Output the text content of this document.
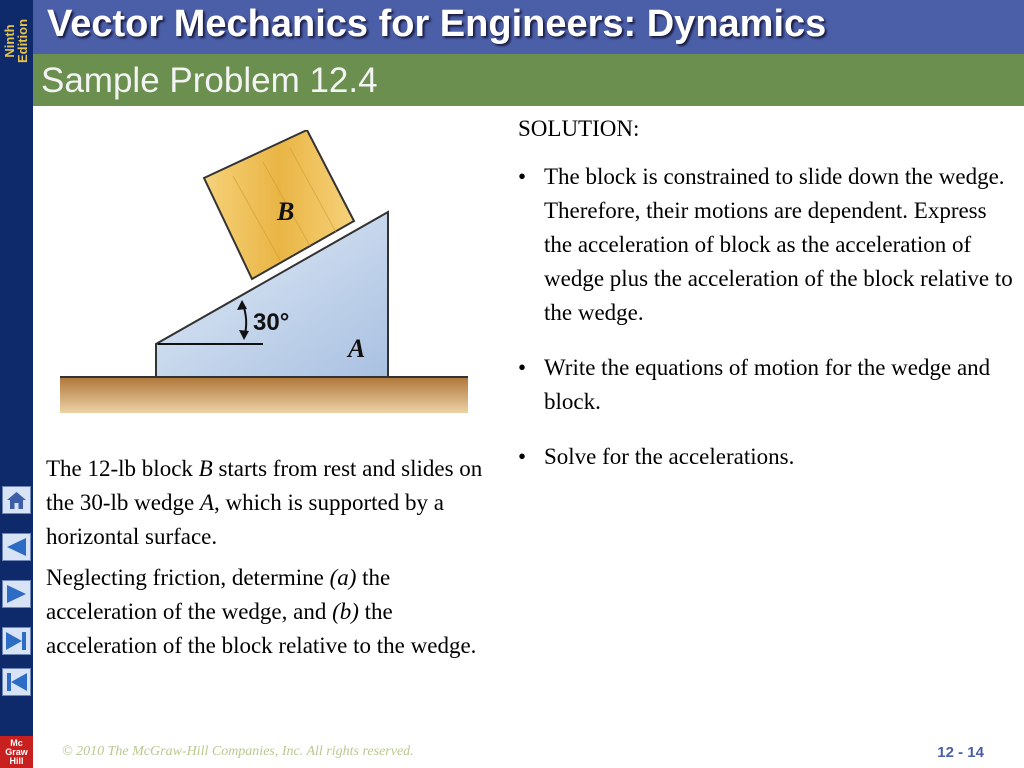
Ninth
Edition
Mc
Graw
Hill
Vector Mechanics for Engineers: Dynamics
Sample Problem 12.4
B
30°
A

The 12-lb block B starts from rest and slides on the 30-lb wedge A, which is supported by a horizontal surface.

Neglecting friction, determine (a) the acceleration of the wedge, and (b) the acceleration of the block relative to the wedge.

SOLUTION:
• The block is constrained to slide down the wedge. Therefore, their motions are dependent. Express the acceleration of block as the acceleration of wedge plus the acceleration of the block relative to the wedge.
• Write the equations of motion for the wedge and block.
• Solve for the accelerations.
© 2010 The McGraw-Hill Companies, Inc. All rights reserved.	12 - 14
